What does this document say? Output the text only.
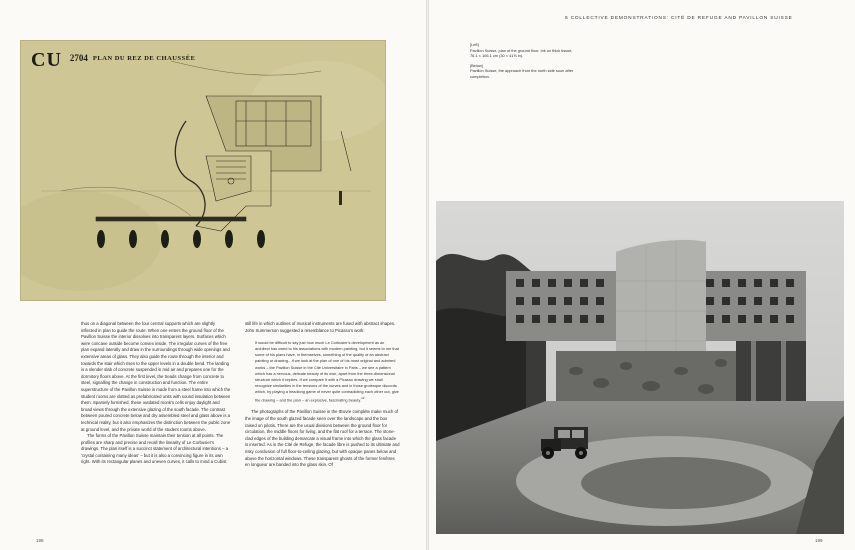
6 COLLECTIVE DEMONSTRATIONS: CITÉ DE REFUGE AND PAVILLON SUISSE
CU $^{2704}$ $^{PLAN DU REZ DE CHAUSSÉE}$

[Left]
Pavillon Suisse, plan of the ground floor. Ink on thick tissue, 76.1 × 106.1 cm (30 × 41⅜ in).

[Below]
Pavillon Suisse, the approach from the north side soon after completion.

thus on a diagonal between the four central supports which are slightly inflected in plan to guide the route. When one enters the ground floor of the Pavillon Suisse the interior dissolves into transparent layers. Surfaces which were concave outside become convex inside. The irregular curves of the free plan expand laterally and draw in the surroundings through wide openings and extensive areas of glass. They also guide the route through the interior and towards the stair which rises to the upper levels in a double bend. The landing is a slender slab of concrete suspended in mid air and prepares one for the dormitory floors above. At the first level, the treads change from concrete to steel, signalling the change in construction and function. The entire superstructure of the Pavillon Suisse is made from a steel frame into which the student rooms are slotted as prefabricated units with sound insulation between them. Sparsely furnished, these outdated monk's cells enjoy daylight and broad views through the extensive glazing of the south facade. The contrast between poured concrete below and dry assembled steel and glass above is a technical reality, but it also emphasizes the distinction between the public zone at ground level, and the private world of the student rooms above.

The forms of the Pavillon Suisse maintain their tension at all points. The profiles are sharp and precise and recall the linearity of Le Corbusier's drawings. The plan itself is a succinct statement of architectural intentions – a 'crystal containing many ideas' – but it is also a convincing figure in its own right. With its rectangular planes and uneven curves, it calls to mind a Cubist

still life in which outlines of musical instruments are fused with abstract shapes. John Summerson suggested a resemblance to Picasso's work:

It would be difficult to say just how much Le Corbusier's development as an architect has owed to his associations with modern painting, but it seems to me that some of his plans have, in themselves, something of the quality of an abstract painting or drawing…if we look at the plan of one of his most original and admired works – the Pavillon Suisse in the Cité Universitaire in Paris – we see a pattern which has a nervous, delicate beauty of its own, apart from the three-dimensional structure which it implies. If we compare it with a Picasso drawing we shall recognize similarities in the tensions of the curves and in those grotesque discords which, by playing a headlong game of never quite contradicting each other out, give the drawing – and the plan – an explosive, fascinating beauty.$^{13}$

The photographs of the Pavillon Suisse in the Œuvre complète make much of the image of the south glazed facade seen over the landscape and the box raised on pilotis. There are the usual divisions between the ground floor for circulation, the middle floors for living, and the flat roof for a terrace. The stone-clad edges of the building demarcate a visual frame into which the glass facade is inserted. As in the Cité de Refuge, the facade libre is pushed to its ultimate and risky conclusion of full floor-to-ceiling glazing, but with opaque panes below and above the horizontal windows. These transparent ghosts of the former fenêtres en longueur are banded into the glass skin. Of

198	199
